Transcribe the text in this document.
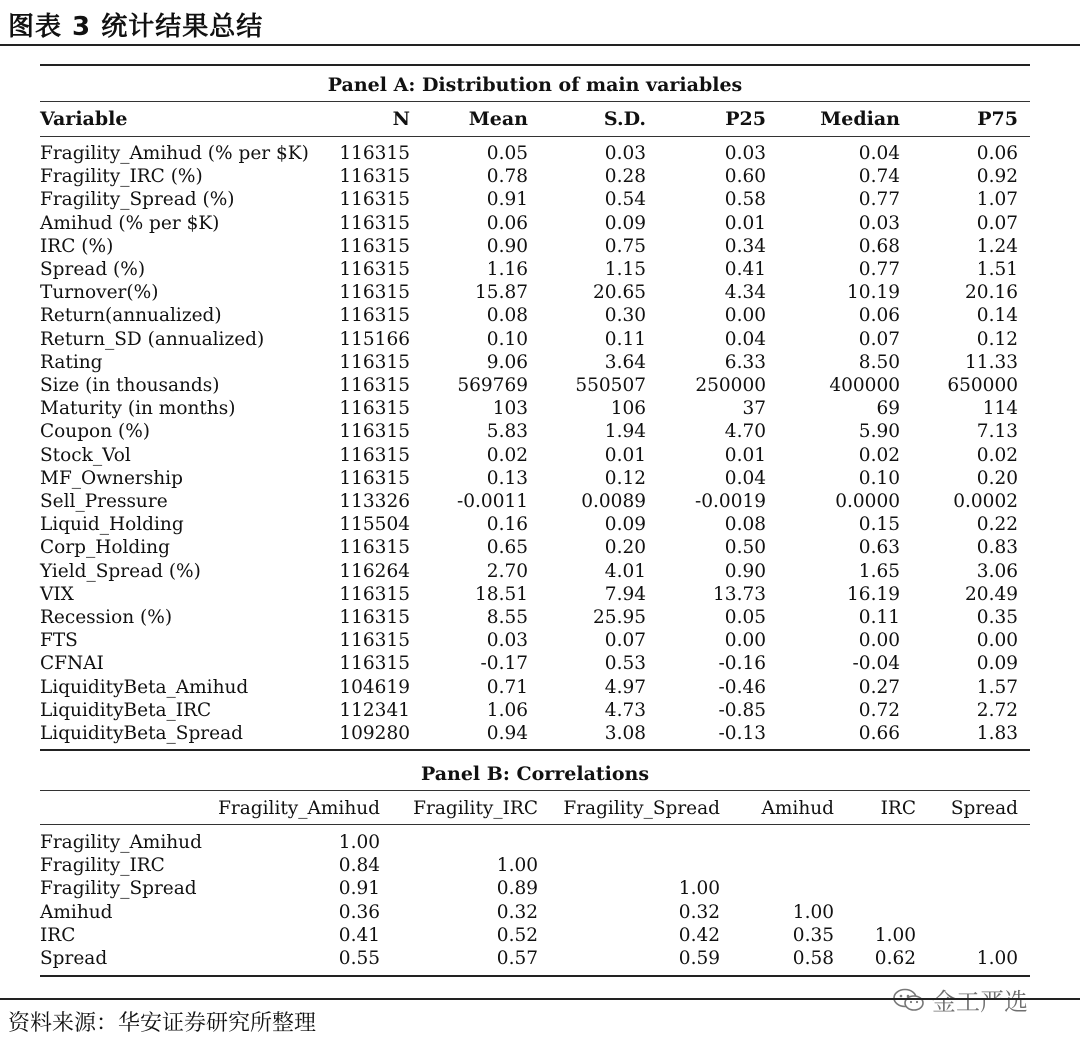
图表 3 统计结果总结
Panel A: Distribution of main variables
Variable	N	Mean	S.D.	P25	Median	P75
Fragility_Amihud (% per $K) 116315	0.05	0.03	0.03	0.04	0.06
Fragility_IRC (%)	116315	0.78	0.28	0.60	0.74	0.92
Fragility_Spread (%)	116315	0.91	0.54	0.58	0.77	1.07
Amihud (% per $K)	116315	0.06	0.09	0.01	0.03	0.07
IRC (%)	116315	0.90	0.75	0.34	0.68	1.24
Spread (%)	116315	1.16	1.15	0.41	0.77	1.51
Turnover(%)	116315	15.87	20.65	4.34	10.19	20.16
Return(annualized)	116315	0.08	0.30	0.00	0.06	0.14
Return_SD (annualized)	115166	0.10	0.11	0.04	0.07	0.12
Rating	116315	9.06	3.64	6.33	8.50	11.33
Size (in thousands)	116315	569769	550507	250000	400000	650000
Maturity (in months)	116315	103	106	37	69	114
Coupon (%)	116315	5.83	1.94	4.70	5.90	7.13
Stock_Vol	116315	0.02	0.01	0.01	0.02	0.02
MF_Ownership	116315	0.13	0.12	0.04	0.10	0.20
Sell_Pressure	113326	-0.0011	0.0089	-0.0019	0.0000	0.0002
Liquid_Holding	115504	0.16	0.09	0.08	0.15	0.22
Corp_Holding	116315	0.65	0.20	0.50	0.63	0.83
Yield_Spread (%)	116264	2.70	4.01	0.90	1.65	3.06
VIX	116315	18.51	7.94	13.73	16.19	20.49
Recession (%)	116315	8.55	25.95	0.05	0.11	0.35
FTS	116315	0.03	0.07	0.00	0.00	0.00
CFNAI	116315	-0.17	0.53	-0.16	-0.04	0.09
LiquidityBeta_Amihud	104619	0.71	4.97	-0.46	0.27	1.57
LiquidityBeta_IRC	112341	1.06	4.73	-0.85	0.72	2.72
LiquidityBeta_Spread	109280	0.94	3.08	-0.13	0.66	1.83
Panel B: Correlations
Fragility_Amihud Fragility_IRC Fragility_Spread Amihud	IRC Spread
Fragility_Amihud	1.00
Fragility_IRC	0.84	1.00
Fragility_Spread	0.91	0.89	1.00
Amihud	0.36	0.32	0.32	1.00
IRC	0.41	0.52	0.42	0.35 1.00
Spread	0.55	0.57	0.59	0.58 0.62	1.00
金工严选
资料来源：华安证券研究所整理
